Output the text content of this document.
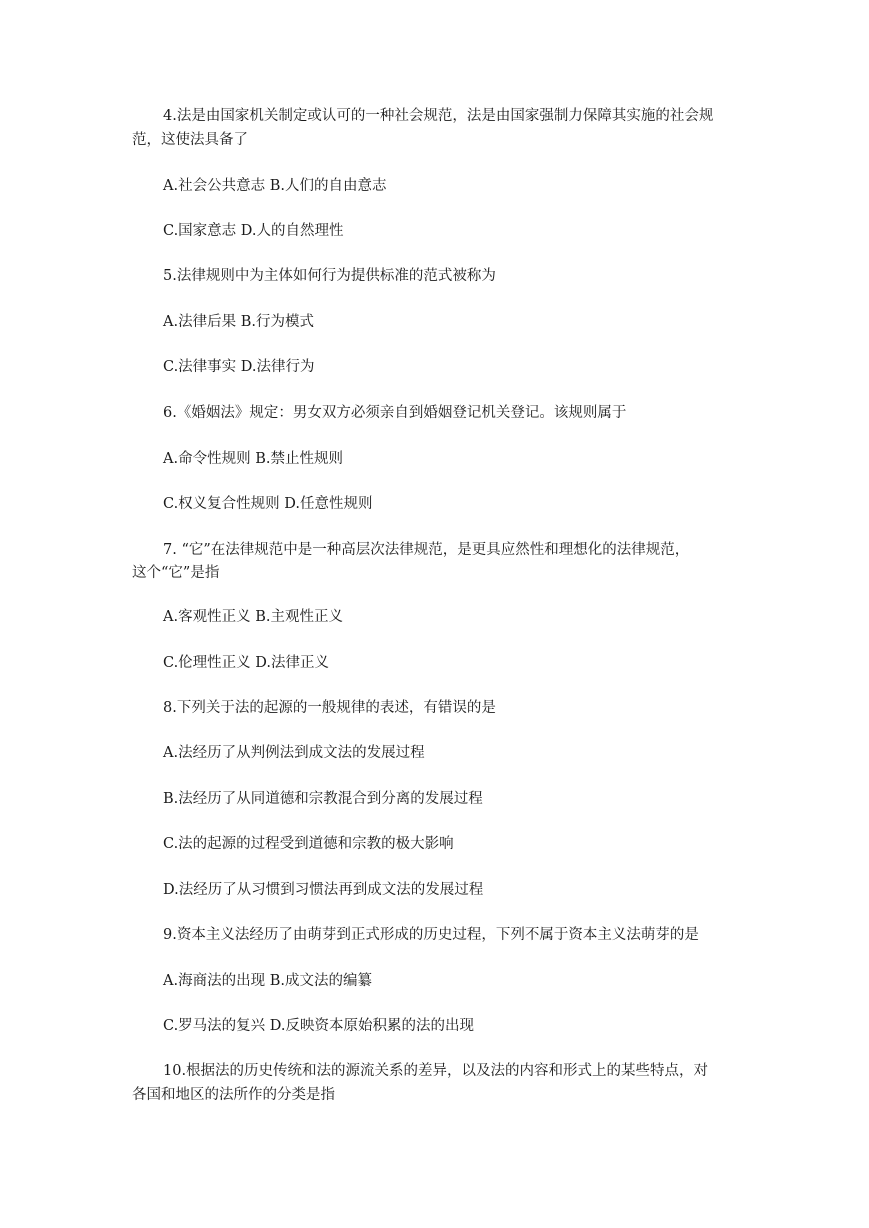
4.法是由国家机关制定或认可的一种社会规范，法是由国家强制力保障其实施的社会规
范，这使法具备了
A.社会公共意志 B.人们的自由意志
C.国家意志 D.人的自然理性
5.法律规则中为主体如何行为提供标准的范式被称为
A.法律后果 B.行为模式
C.法律事实 D.法律行为
6.《婚姻法》规定：男女双方必须亲自到婚姻登记机关登记。该规则属于
A.命令性规则 B.禁止性规则
C.权义复合性规则 D.任意性规则
7. “它”在法律规范中是一种高层次法律规范，是更具应然性和理想化的法律规范，
这个“它”是指
A.客观性正义 B.主观性正义
C.伦理性正义 D.法律正义
8.下列关于法的起源的一般规律的表述，有错误的是
A.法经历了从判例法到成文法的发展过程
B.法经历了从同道德和宗教混合到分离的发展过程
C.法的起源的过程受到道德和宗教的极大影响
D.法经历了从习惯到习惯法再到成文法的发展过程
9.资本主义法经历了由萌芽到正式形成的历史过程，下列不属于资本主义法萌芽的是
A.海商法的出现 B.成文法的编纂
C.罗马法的复兴 D.反映资本原始积累的法的出现
10.根据法的历史传统和法的源流关系的差异，以及法的内容和形式上的某些特点，对
各国和地区的法所作的分类是指
